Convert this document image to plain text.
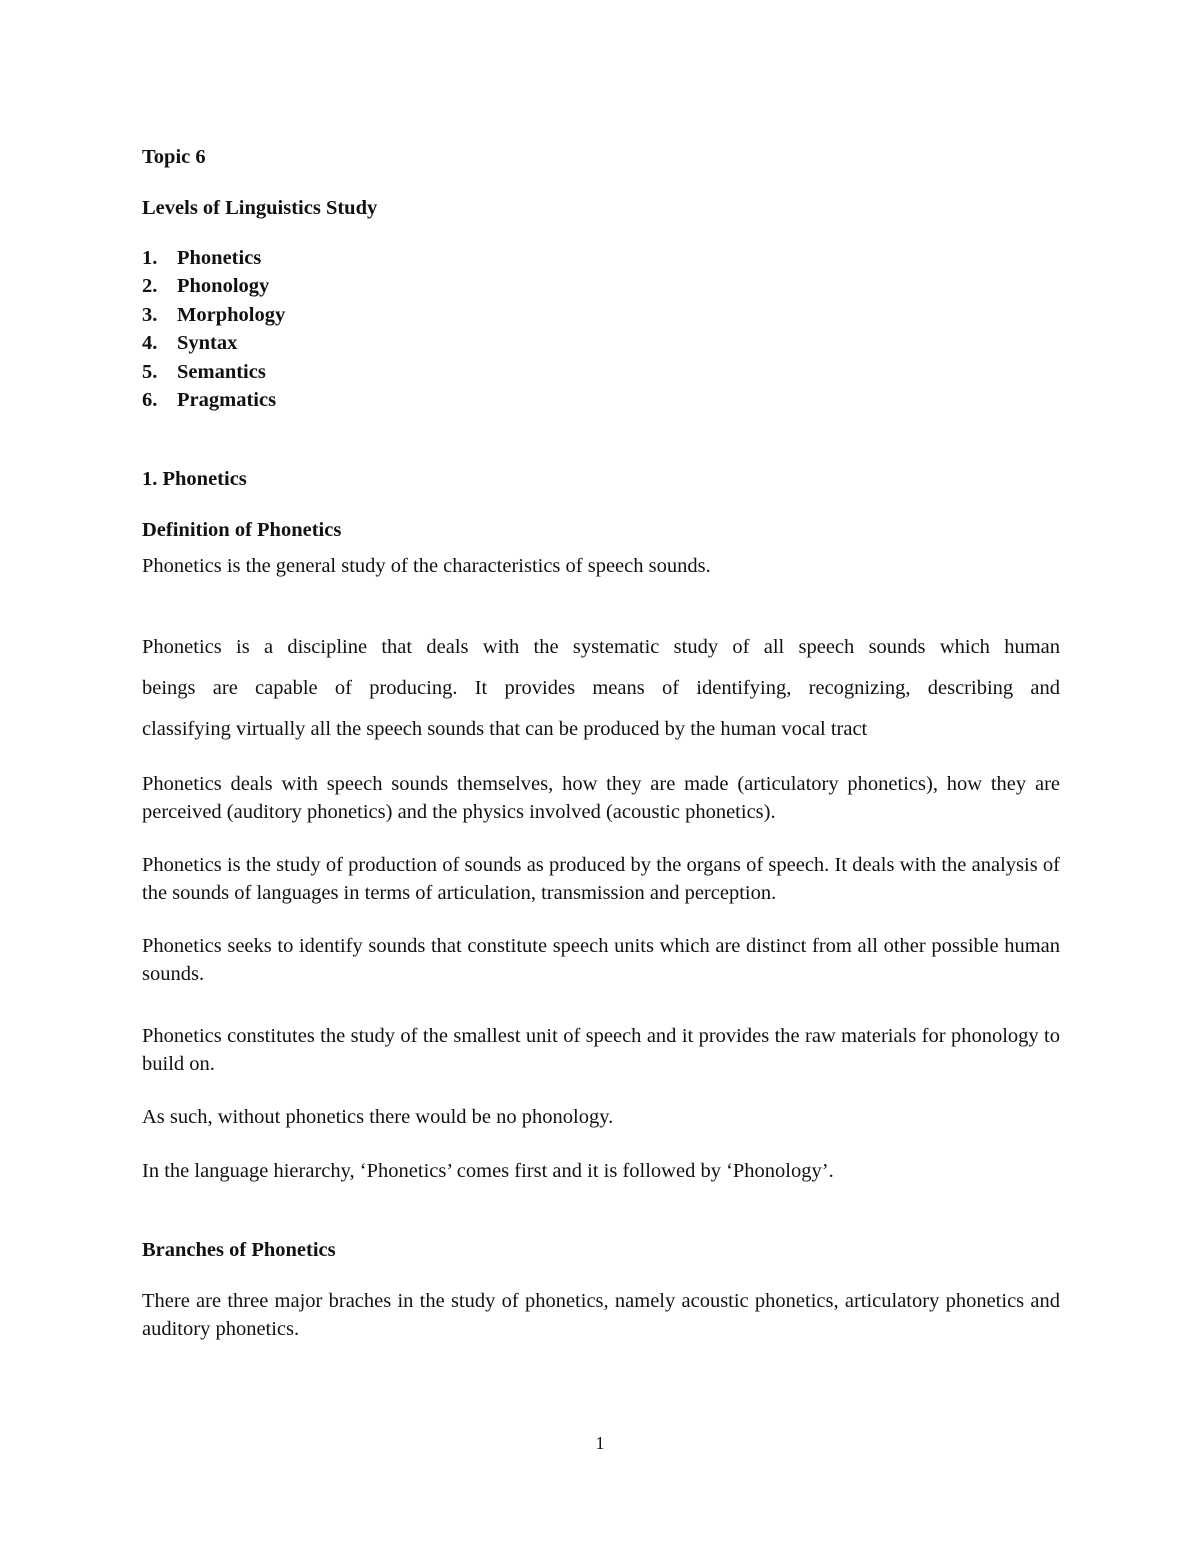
Topic 6
Levels of Linguistics Study
1. Phonetics
2. Phonology
3. Morphology
4. Syntax
5. Semantics
6. Pragmatics
1. Phonetics
Definition of Phonetics
Phonetics is the general study of the characteristics of speech sounds.
Phonetics is a discipline that deals with the systematic study of all speech sounds which human
beings are capable of producing. It provides means of identifying, recognizing, describing and
classifying virtually all the speech sounds that can be produced by the human vocal tract
Phonetics deals with speech sounds themselves, how they are made (articulatory phonetics), how they are perceived (auditory phonetics) and the physics involved (acoustic phonetics).
Phonetics is the study of production of sounds as produced by the organs of speech. It deals with the analysis of the sounds of languages in terms of articulation, transmission and perception.
Phonetics seeks to identify sounds that constitute speech units which are distinct from all other possible human sounds.
Phonetics constitutes the study of the smallest unit of speech and it provides the raw materials for phonology to build on.
As such, without phonetics there would be no phonology.
In the language hierarchy, ‘Phonetics’ comes first and it is followed by ‘Phonology’.
Branches of Phonetics
There are three major braches in the study of phonetics, namely acoustic phonetics, articulatory phonetics and auditory phonetics.
1
